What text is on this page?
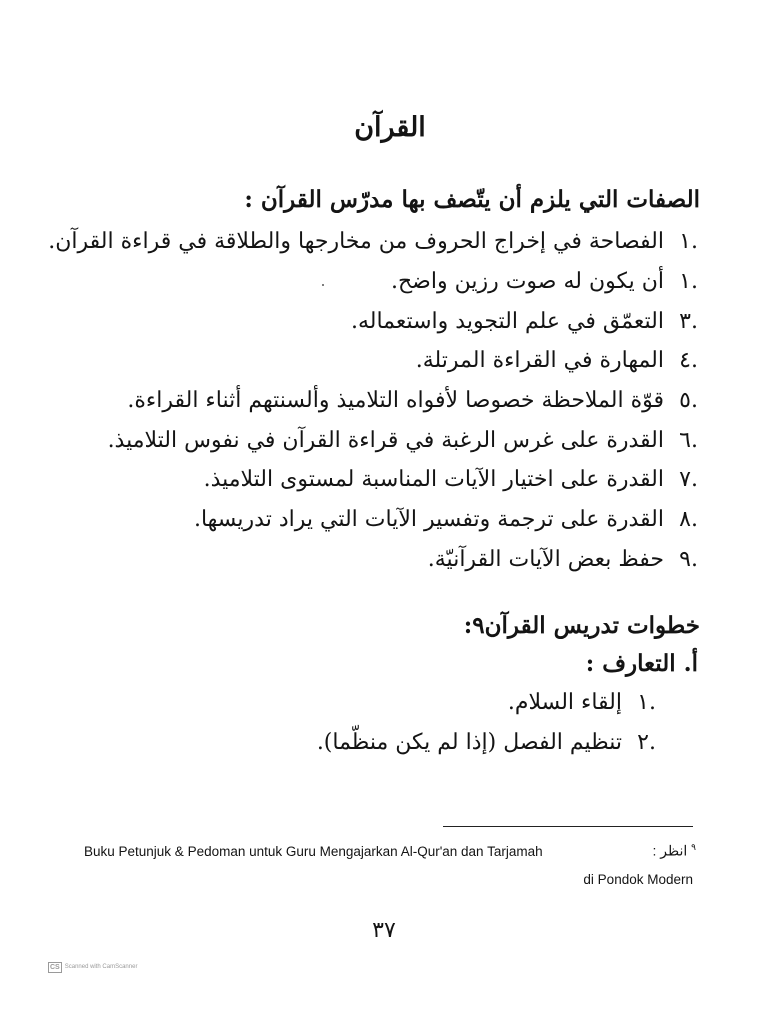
القرآن
الصفات التي يلزم أن يتّصف بها مدرّس القرآن :
.١
الفصاحة في إخراج الحروف من مخارجها والطلاقة في قراءة القرآن.
.١
أن يكون له صوت رزين واضح.
.٣
التعمّق في علم التجويد واستعماله.
.٤
المهارة في القراءة المرتلة.
.٥
قوّة الملاحظة خصوصا لأفواه التلاميذ وألسنتهم أثناء القراءة.
.٦
القدرة على غرس الرغبة في قراءة القرآن في نفوس التلاميذ.
.٧
القدرة على اختيار الآيات المناسبة لمستوى التلاميذ.
.٨
القدرة على ترجمة وتفسير الآيات التي يراد تدريسها.
.٩
حفظ بعض الآيات القرآنيّة.
خطوات تدريس القرآن٩:
أ. التعارف :
.١
إلقاء السلام.
.٢
تنظيم الفصل (إذا لم يكن منظّما).
Buku Petunjuk & Pedoman untuk Guru Mengajarkan Al-Qur'an dan Tarjamah	$^٩$ انظر :
di Pondok Modern
٣٧
CS Scanned with CamScanner
